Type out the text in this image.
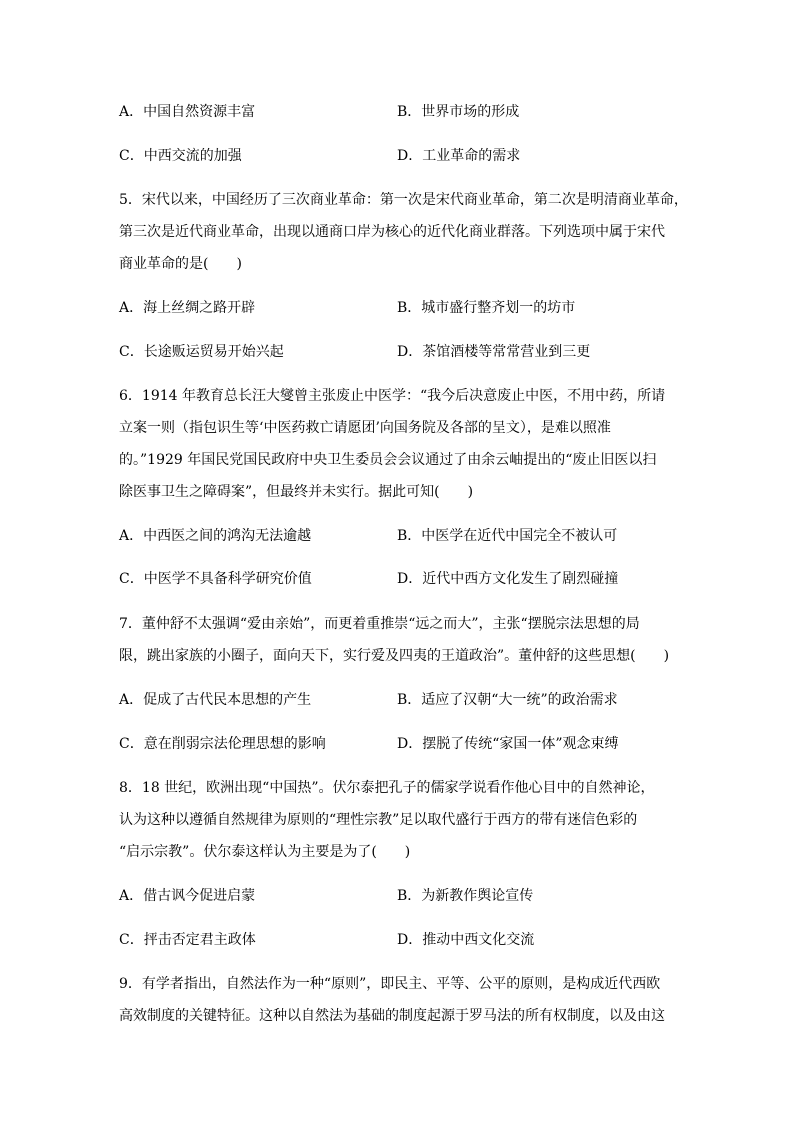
A．中国自然资源丰富	B．世界市场的形成
C．中西交流的加强	D．工业革命的需求
5．宋代以来，中国经历了三次商业革命：第一次是宋代商业革命，第二次是明清商业革命，
第三次是近代商业革命，出现以通商口岸为核心的近代化商业群落。下列选项中属于宋代
商业革命的是(　　)
A．海上丝绸之路开辟	B．城市盛行整齐划一的坊市
C．长途贩运贸易开始兴起	D．茶馆酒楼等常常营业到三更
6．1914 年教育总长汪大燮曾主张废止中医学：“我今后决意废止中医，不用中药，所请
立案一则（指包识生等‘中医药救亡请愿团’向国务院及各部的呈文），是难以照准
的。”1929 年国民党国民政府中央卫生委员会会议通过了由余云岫提出的“废止旧医以扫
除医事卫生之障碍案”，但最终并未实行。据此可知(　　)
A．中西医之间的鸿沟无法逾越	B．中医学在近代中国完全不被认可
C．中医学不具备科学研究价值	D．近代中西方文化发生了剧烈碰撞
7．董仲舒不太强调“爱由亲始”，而更着重推崇“远之而大”，主张“摆脱宗法思想的局
限，跳出家族的小圈子，面向天下，实行爱及四夷的王道政治”。董仲舒的这些思想(　　)
A．促成了古代民本思想的产生	B．适应了汉朝“大一统”的政治需求
C．意在削弱宗法伦理思想的影响	D．摆脱了传统“家国一体”观念束缚
8．18 世纪，欧洲出现“中国热”。伏尔泰把孔子的儒家学说看作他心目中的自然神论，
认为这种以遵循自然规律为原则的“理性宗教”足以取代盛行于西方的带有迷信色彩的
“启示宗教”。伏尔泰这样认为主要是为了(　　)
A．借古讽今促进启蒙	B．为新教作舆论宣传
C．抨击否定君主政体	D．推动中西文化交流
9．有学者指出，自然法作为一种“原则”，即民主、平等、公平的原则，是构成近代西欧
高效制度的关键特征。这种以自然法为基础的制度起源于罗马法的所有权制度，以及由这
